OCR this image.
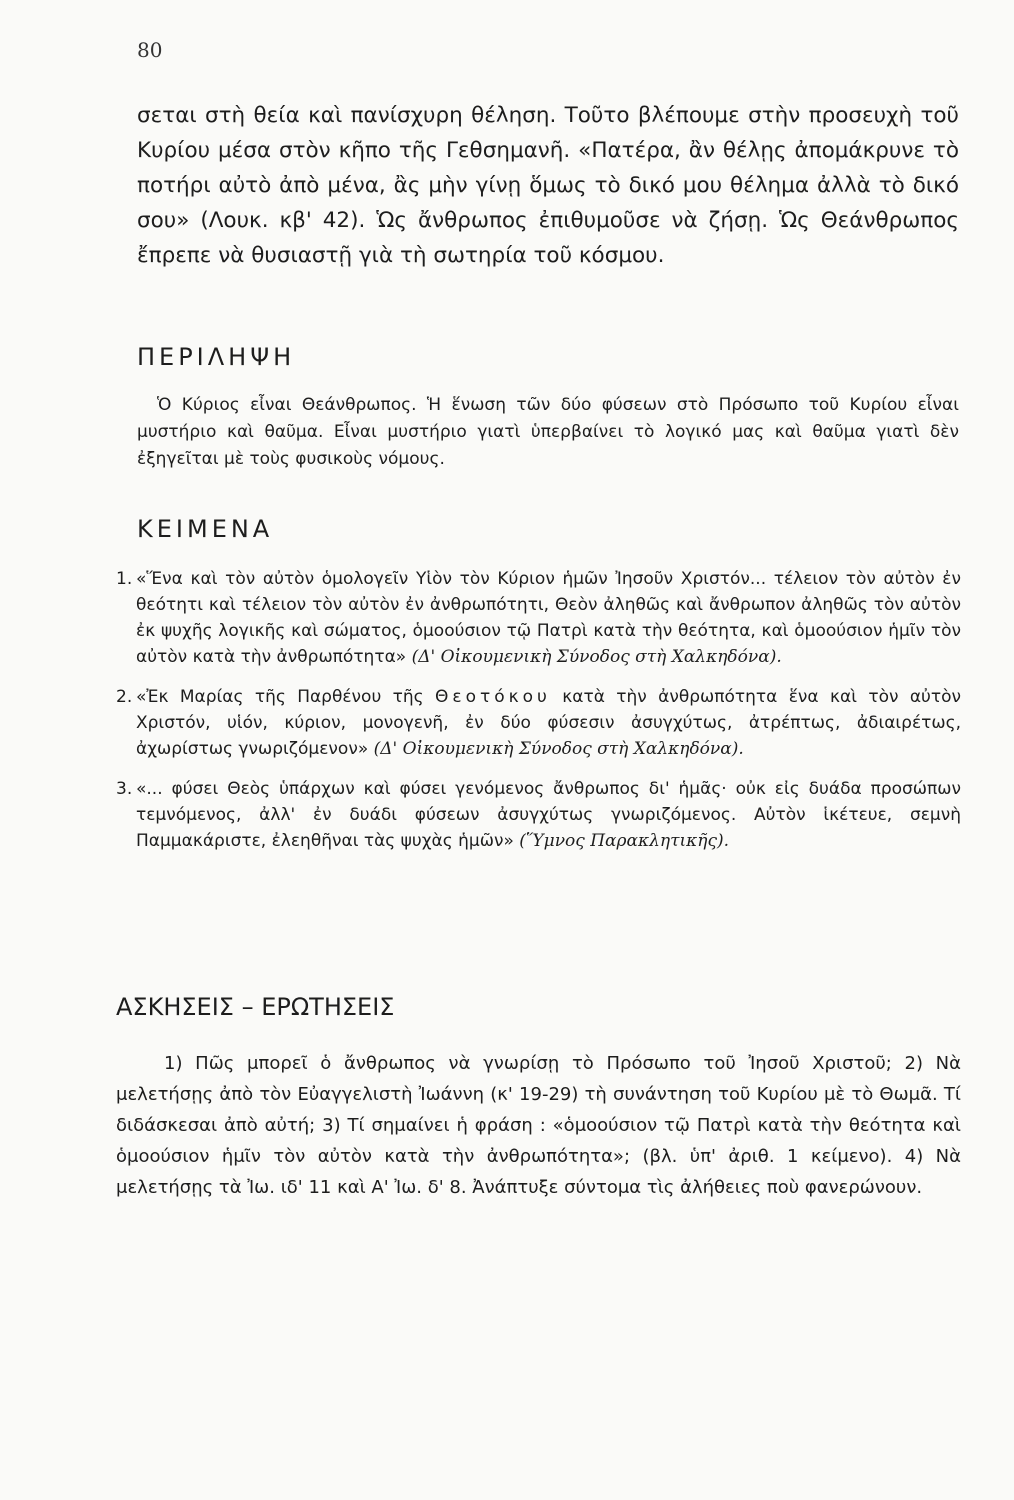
80
σεται στὴ θεία καὶ πανίσχυρη θέληση. Τοῦτο βλέπουμε στὴν προσευχὴ τοῦ Κυρίου μέσα στὸν κῆπο τῆς Γεθσημανῆ. «Πατέρα, ἂν θέλῃς ἀπομάκρυνε τὸ ποτήρι αὐτὸ ἀπὸ μένα, ἂς μὴν γίνῃ ὅμως τὸ δικό μου θέλημα ἀλλὰ τὸ δικό σου» (Λουκ. κβ' 42). Ὡς ἄνθρωπος ἐπιθυμοῦσε νὰ ζήσῃ. Ὡς Θεάνθρωπος ἔπρεπε νὰ θυσιαστῇ γιὰ τὴ σωτηρία τοῦ κόσμου.
ΠΕΡΙΛΗΨΗ

Ὁ Κύριος εἶναι Θεάνθρωπος. Ἡ ἕνωση τῶν δύο φύσεων στὸ Πρόσωπο τοῦ Κυρίου εἶναι μυστήριο καὶ θαῦμα. Εἶναι μυστήριο γιατὶ ὑπερβαίνει τὸ λογικό μας καὶ θαῦμα γιατὶ δὲν ἐξηγεῖται μὲ τοὺς φυσικοὺς νόμους.

ΚΕΙΜΕΝΑ
1. «Ἕνα καὶ τὸν αὐτὸν ὁμολογεῖν Υἱὸν τὸν Κύριον ἡμῶν Ἰησοῦν Χριστόν... τέλειον τὸν αὐτὸν ἐν θεότητι καὶ τέλειον τὸν αὐτὸν ἐν ἀνθρωπότητι, Θεὸν ἀληθῶς καὶ ἄνθρωπον ἀληθῶς τὸν αὐτὸν ἐκ ψυχῆς λογικῆς καὶ σώματος, ὁμοούσιον τῷ Πατρὶ κατὰ τὴν θεότητα, καὶ ὁμοούσιον ἡμῖν τὸν αὐτὸν κατὰ τὴν ἀνθρωπότητα» (Δ' Οἰκουμενικὴ Σύνοδος στὴ Χαλκηδόνα).
2. «Ἐκ Μαρίας τῆς Παρθένου τῆς Θεοτόκου κατὰ τὴν ἀνθρωπότητα ἕνα καὶ τὸν αὐτὸν Χριστόν, υἱόν, κύριον, μονογενῆ, ἐν δύο φύσεσιν ἀσυγχύτως, ἀτρέπτως, ἀδιαιρέτως, ἀχωρίστως γνωριζόμενον» (Δ' Οἰκουμενικὴ Σύνοδος στὴ Χαλκηδόνα).
3. «... φύσει Θεὸς ὑπάρχων καὶ φύσει γενόμενος ἄνθρωπος δι' ἡμᾶς· οὐκ εἰς δυάδα προσώπων τεμνόμενος, ἀλλ' ἐν δυάδι φύσεων ἀσυγχύτως γνωριζόμενος. Αὐτὸν ἱκέτευε, σεμνὴ Παμμακάριστε, ἐλεηθῆναι τὰς ψυχὰς ἡμῶν» (Ὕμνος Παρακλητικῆς).
ΑΣΚΗΣΕΙΣ – ΕΡΩΤΗΣΕΙΣ

1) Πῶς μπορεῖ ὁ ἄνθρωπος νὰ γνωρίσῃ τὸ Πρόσωπο τοῦ Ἰησοῦ Χριστοῦ; 2) Νὰ μελετήσῃς ἀπὸ τὸν Εὐαγγελιστὴ Ἰωάννη (κ' 19-29) τὴ συνάντηση τοῦ Κυρίου μὲ τὸ Θωμᾶ. Τί διδάσκεσαι ἀπὸ αὐτή; 3) Τί σημαίνει ἡ φράση : «ὁμοούσιον τῷ Πατρὶ κατὰ τὴν θεότητα καὶ ὁμοούσιον ἡμῖν τὸν αὐτὸν κατὰ τὴν ἀνθρωπότητα»; (βλ. ὑπ' ἀριθ. 1 κείμενο). 4) Νὰ μελετήσῃς τὰ Ἰω. ιδ' 11 καὶ Α' Ἰω. δ' 8. Ἀνάπτυξε σύντομα τὶς ἀλήθειες ποὺ φανερώνουν.
